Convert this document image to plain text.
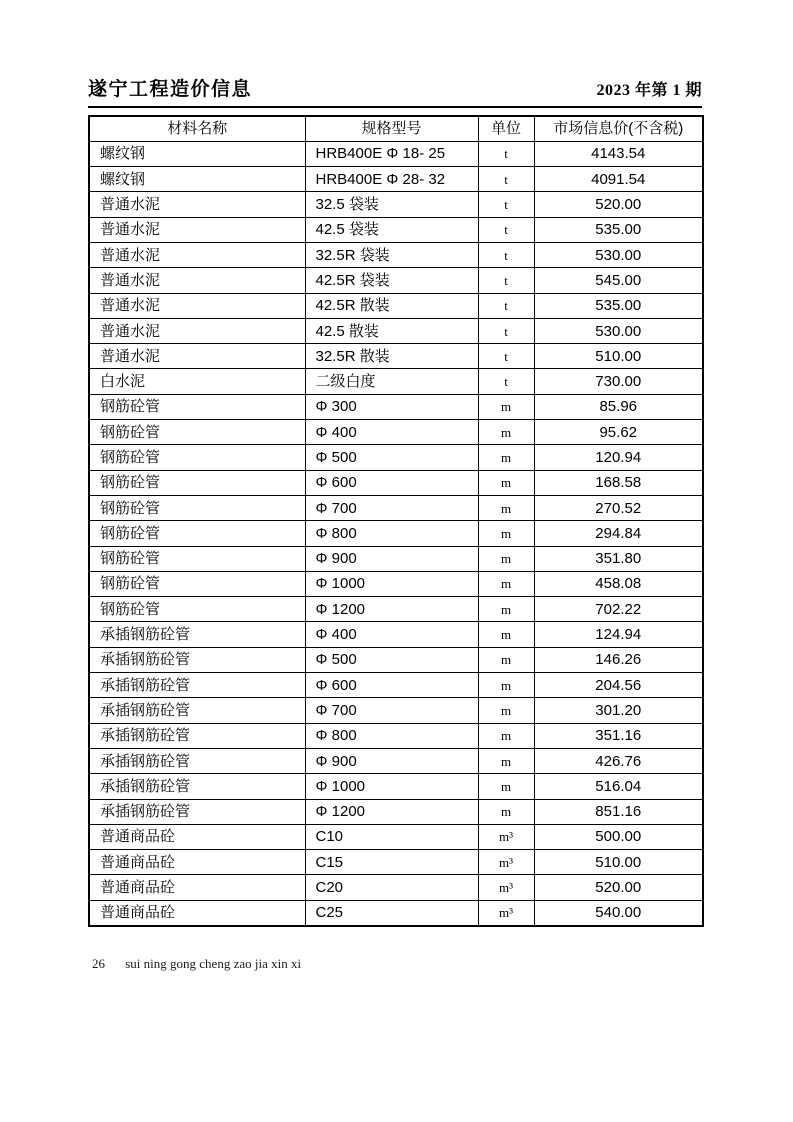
遂宁工程造价信息	2023 年第 1 期
材料名称	规格型号	单位	市场信息价(不含税)
螺纹钢	HRB400E Φ 18- 25	t	4143.54
螺纹钢	HRB400E Φ 28- 32	t	4091.54
普通水泥	32.5 袋装	t	520.00
普通水泥	42.5 袋装	t	535.00
普通水泥	32.5R 袋装	t	530.00
普通水泥	42.5R 袋装	t	545.00
普通水泥	42.5R 散装	t	535.00
普通水泥	42.5 散装	t	530.00
普通水泥	32.5R 散装	t	510.00
白水泥	二级白度	t	730.00
钢筋砼管	Φ 300	m	85.96
钢筋砼管	Φ 400	m	95.62
钢筋砼管	Φ 500	m	120.94
钢筋砼管	Φ 600	m	168.58
钢筋砼管	Φ 700	m	270.52
钢筋砼管	Φ 800	m	294.84
钢筋砼管	Φ 900	m	351.80
钢筋砼管	Φ 1000	m	458.08
钢筋砼管	Φ 1200	m	702.22
承插钢筋砼管	Φ 400	m	124.94
承插钢筋砼管	Φ 500	m	146.26
承插钢筋砼管	Φ 600	m	204.56
承插钢筋砼管	Φ 700	m	301.20
承插钢筋砼管	Φ 800	m	351.16
承插钢筋砼管	Φ 900	m	426.76
承插钢筋砼管	Φ 1000	m	516.04
承插钢筋砼管	Φ 1200	m	851.16
普通商品砼	C10	m³	500.00
普通商品砼	C15	m³	510.00
普通商品砼	C20	m³	520.00
普通商品砼	C25	m³	540.00
26 sui ning gong cheng zao jia xin xi
